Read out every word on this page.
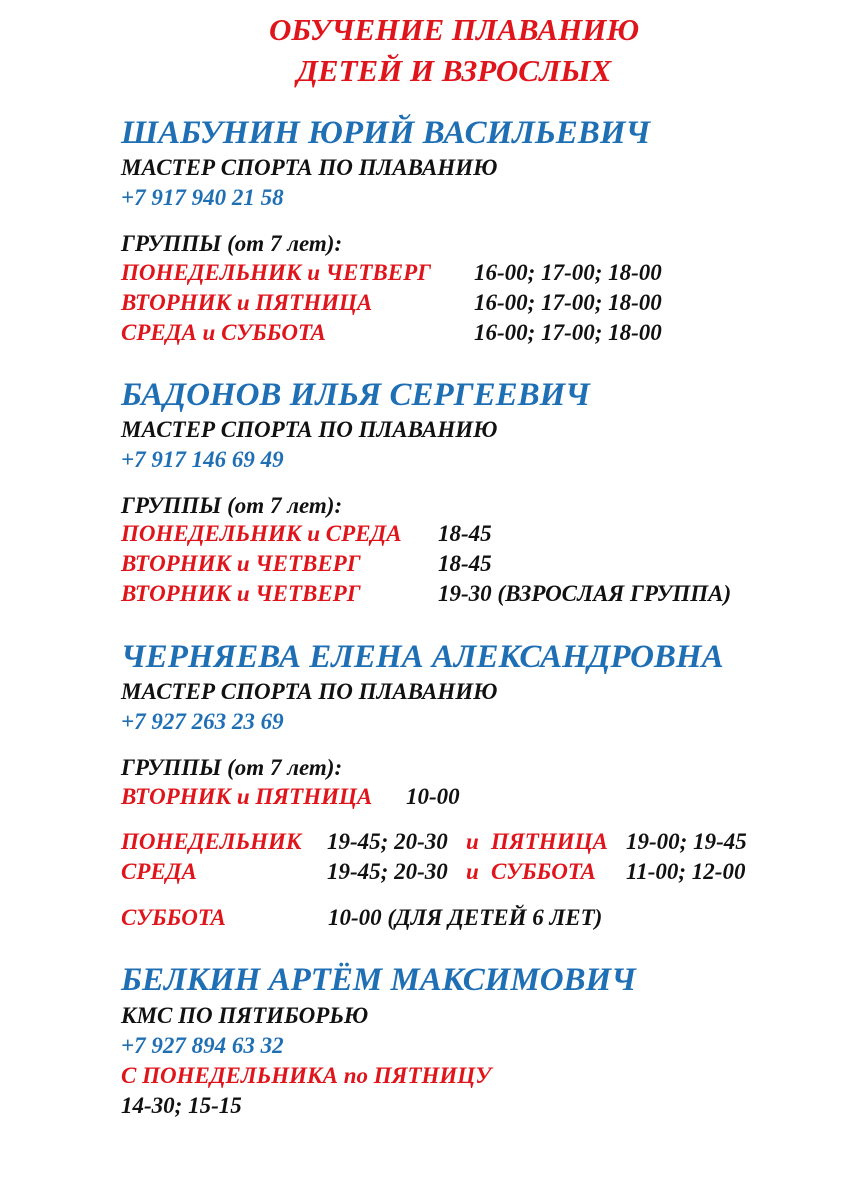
ОБУЧЕНИЕ ПЛАВАНИЮ
ДЕТЕЙ И ВЗРОСЛЫХ
ШАБУНИН ЮРИЙ ВАСИЛЬЕВИЧ
МАСТЕР СПОРТА ПО ПЛАВАНИЮ
+7 917 940 21 58
ГРУППЫ (от 7 лет):
ПОНЕДЕЛЬНИК и ЧЕТВЕРГ 16-00; 17-00; 18-00
ВТОРНИК и ПЯТНИЦА	16-00; 17-00; 18-00
СРЕДА и СУББОТА	16-00; 17-00; 18-00
БАДОНОВ ИЛЬЯ СЕРГЕЕВИЧ
МАСТЕР СПОРТА ПО ПЛАВАНИЮ
+7 917 146 69 49
ГРУППЫ (от 7 лет):
ПОНЕДЕЛЬНИК и СРЕДА 18-45
ВТОРНИК и ЧЕТВЕРГ	18-45
ВТОРНИК и ЧЕТВЕРГ	19-30 (ВЗРОСЛАЯ ГРУППА)
ЧЕРНЯЕВА ЕЛЕНА АЛЕКСАНДРОВНА
МАСТЕР СПОРТА ПО ПЛАВАНИЮ
+7 927 263 23 69
ГРУППЫ (от 7 лет):
ВТОРНИК и ПЯТНИЦА 10-00
ПОНЕДЕЛЬНИК 19-45; 20-30 и ПЯТНИЦА 19-00; 19-45
СРЕДА	19-45; 20-30 и СУББОТА 11-00; 12-00
СУББОТА	10-00 (ДЛЯ ДЕТЕЙ 6 ЛЕТ)
БЕЛКИН АРТЁМ МАКСИМОВИЧ
КМС ПО ПЯТИБОРЬЮ
+7 927 894 63 32
С ПОНЕДЕЛЬНИКА по ПЯТНИЦУ
14-30; 15-15
